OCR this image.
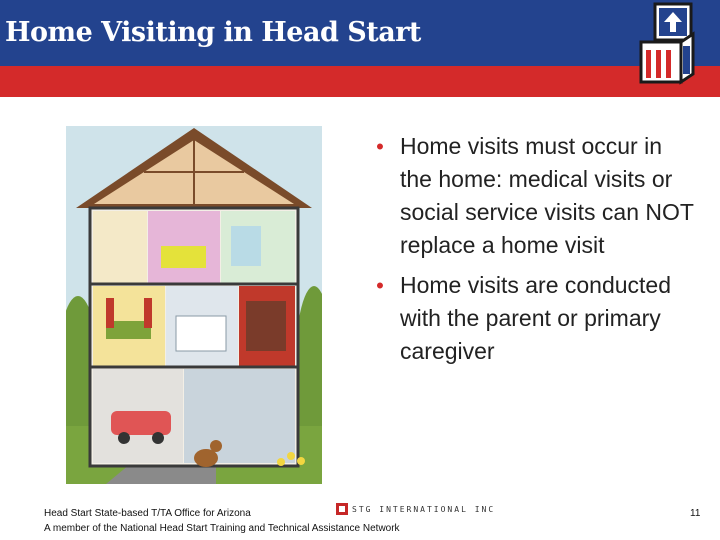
Home Visiting in Head Start
• Home visits must occur in the home: medical visits or social service visits can NOT replace a home visit
• Home visits are conducted with the parent or primary caregiver
Head Start State-based T/TA Office for Arizona
A member of the National Head Start Training and Technical Assistance Network
STG INTERNATIONAL INC	11
